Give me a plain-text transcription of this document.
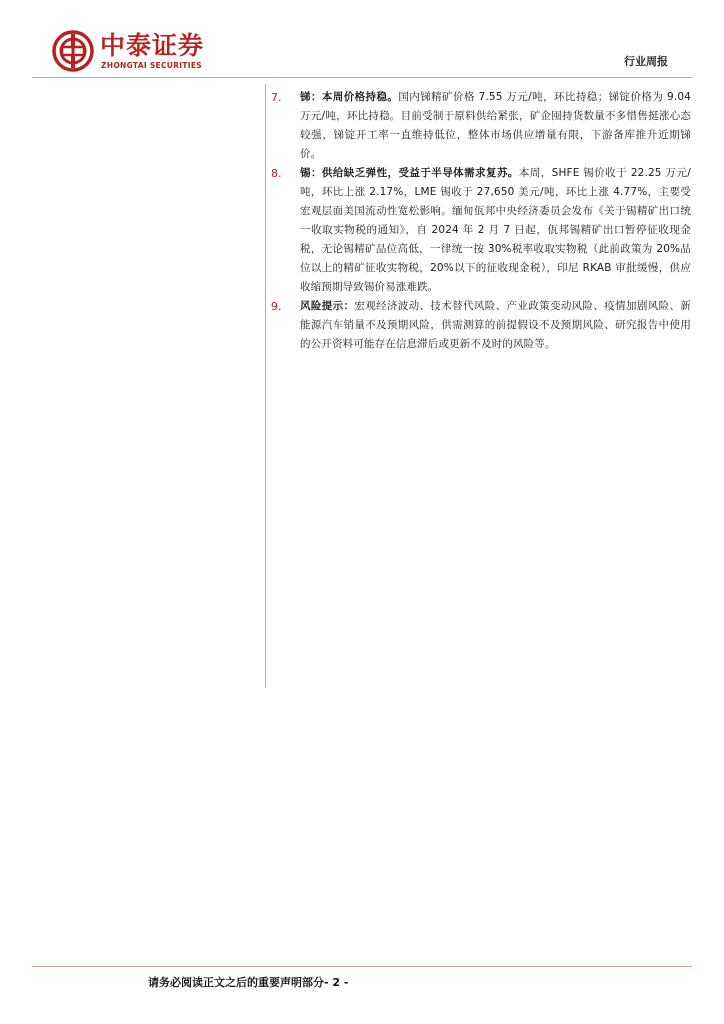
中泰证券
ZHONGTAI SECURITIES	行业周报
7.	锑：本周价格持稳。国内锑精矿价格 7.55 万元/吨，环比持稳；锑锭价格为 9.04 万元/吨，环比持稳。目前受制于原料供给紧张，矿企囤持货数量不多惜售挺涨心态较强，锑锭开工率一直维持低位，整体市场供应增量有限，下游备库推升近期锑价。
8.	锡：供给缺乏弹性，受益于半导体需求复苏。本周，SHFE 锡价收于 22.25 万元/吨，环比上涨 2.17%，LME 锡收于 27,650 美元/吨，环比上涨 4.77%，主要受宏观层面美国流动性宽松影响。缅甸佤邦中央经济委员会发布《关于锡精矿出口统一收取实物税的通知》，自 2024 年 2 月 7 日起，佤邦锡精矿出口暂停征收现金税，无论锡精矿品位高低，一律统一按 30%税率收取实物税（此前政策为 20%品位以上的精矿征收实物税，20%以下的征收现金税），印尼 RKAB 审批缓慢，供应收缩预期导致锡价易涨难跌。
9.	风险提示：宏观经济波动、技术替代风险、产业政策变动风险、疫情加剧风险、新能源汽车销量不及预期风险，供需测算的前提假设不及预期风险、研究报告中使用的公开资料可能存在信息滞后或更新不及时的风险等。
请务必阅读正文之后的重要声明部分- 2 -
